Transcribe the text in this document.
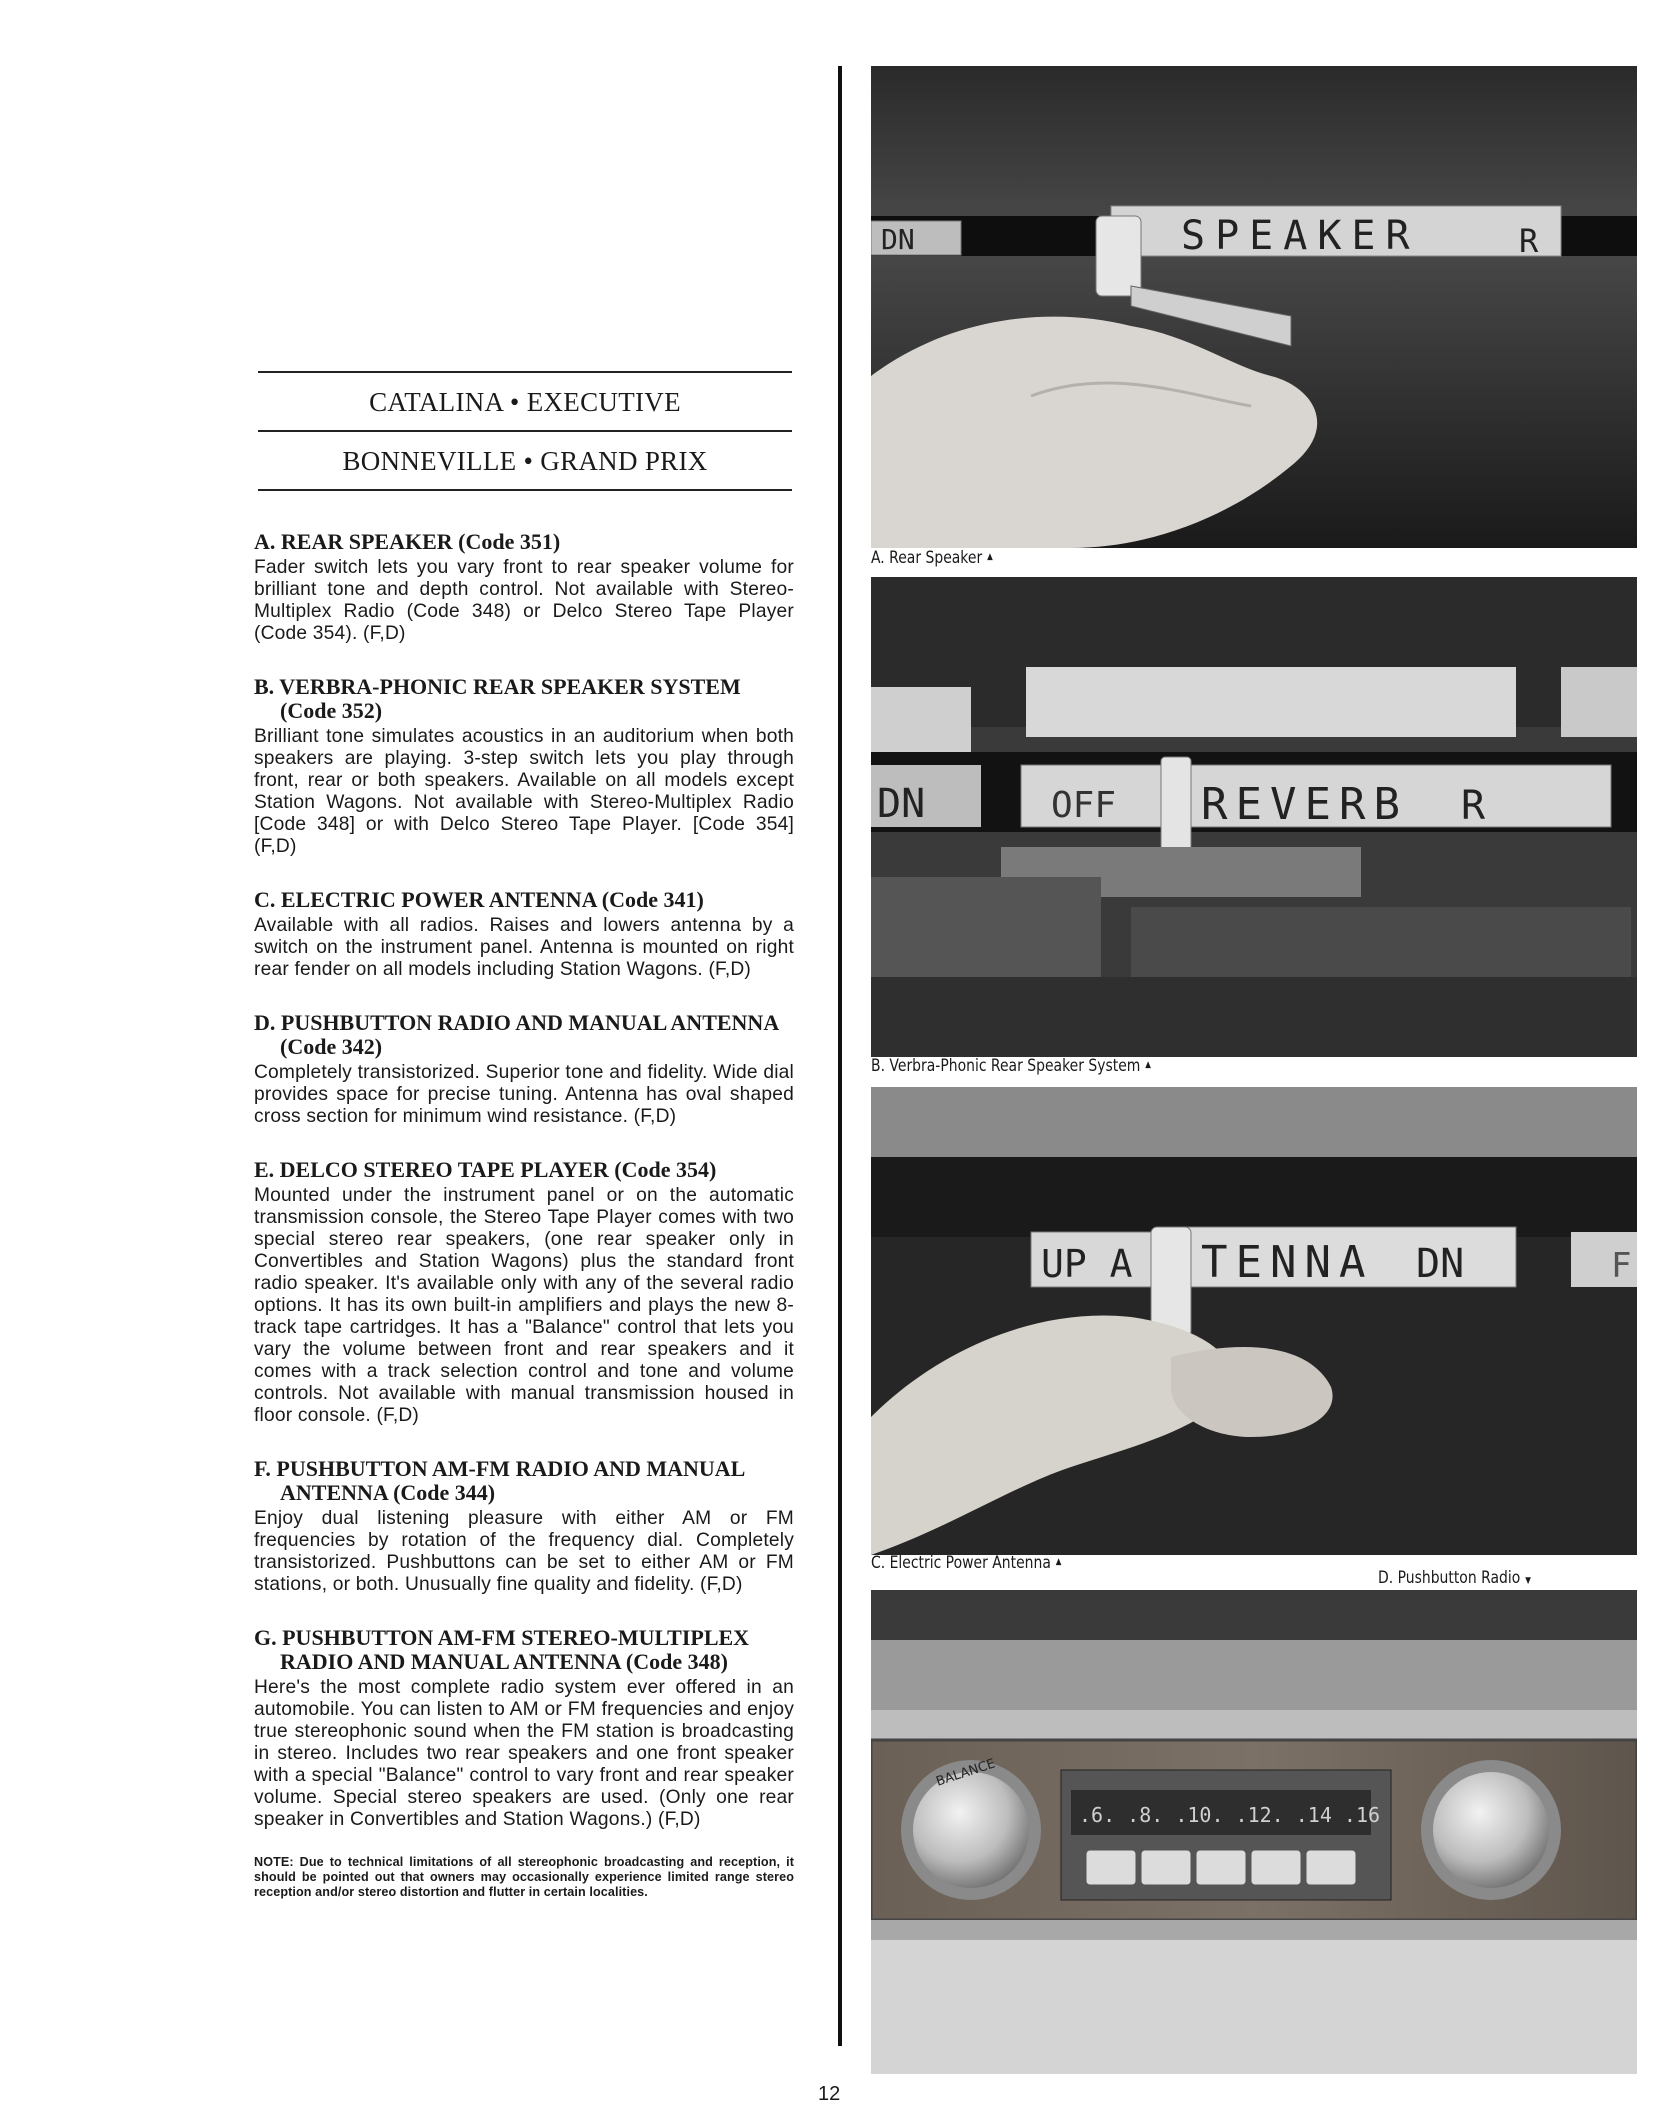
CATALINA • EXECUTIVE
BONNEVILLE • GRAND PRIX
A. REAR SPEAKER (Code 351)
Fader switch lets you vary front to rear speaker volume for brilliant tone and depth control. Not available with Stereo-Multiplex Radio (Code 348) or Delco Stereo Tape Player (Code 354). (F,D)
B. VERBRA-PHONIC REAR SPEAKER SYSTEM
(Code 352)
Brilliant tone simulates acoustics in an auditorium when both speakers are playing. 3-step switch lets you play through front, rear or both speakers. Available on all models except Station Wagons. Not available with Stereo-Multiplex Radio [Code 348] or with Delco Stereo Tape Player. [Code 354] (F,D)
C. ELECTRIC POWER ANTENNA (Code 341)
Available with all radios. Raises and lowers antenna by a switch on the instrument panel. Antenna is mounted on right rear fender on all models including Station Wagons. (F,D)
D. PUSHBUTTON RADIO AND MANUAL ANTENNA
(Code 342)
Completely transistorized. Superior tone and fidelity. Wide dial provides space for precise tuning. Antenna has oval shaped cross section for minimum wind resistance. (F,D)
E. DELCO STEREO TAPE PLAYER (Code 354)
Mounted under the instrument panel or on the automatic transmission console, the Stereo Tape Player comes with two special stereo rear speakers, (one rear speaker only in Convertibles and Station Wagons) plus the standard front radio speaker. It's available only with any of the several radio options. It has its own built-in amplifiers and plays the new 8-track tape cartridges. It has a "Balance" control that lets you vary the volume between front and rear speakers and it comes with a track selection control and tone and volume controls. Not available with manual transmission housed in floor console. (F,D)
F. PUSHBUTTON AM-FM RADIO AND MANUAL
ANTENNA (Code 344)
Enjoy dual listening pleasure with either AM or FM frequencies by rotation of the frequency dial. Completely transistorized. Pushbuttons can be set to either AM or FM stations, or both. Unusually fine quality and fidelity. (F,D)
G. PUSHBUTTON AM-FM STEREO-MULTIPLEX
RADIO AND MANUAL ANTENNA (Code 348)
Here's the most complete radio system ever offered in an automobile. You can listen to AM or FM frequencies and enjoy true stereophonic sound when the FM station is broadcasting in stereo. Includes two rear speakers and one front speaker with a special "Balance" control to vary front and rear speaker volume. Special stereo speakers are used. (Only one rear speaker in Convertibles and Station Wagons.) (F,D)
NOTE: Due to technical limitations of all stereophonic broadcasting and reception, it should be pointed out that owners may occasionally experience limited range stereo reception and/or stereo distortion and flutter in certain localities.
DN	SPEAKER	R
A. Rear Speaker ▲
DN	OFF REVERB R
B. Verbra-Phonic Rear Speaker System ▲
UP A TENNA DN	F
C. Electric Power Antenna ▲
D. Pushbutton Radio ▼
BALANCE
.6. .8. .10. .12. .14 .16
12
